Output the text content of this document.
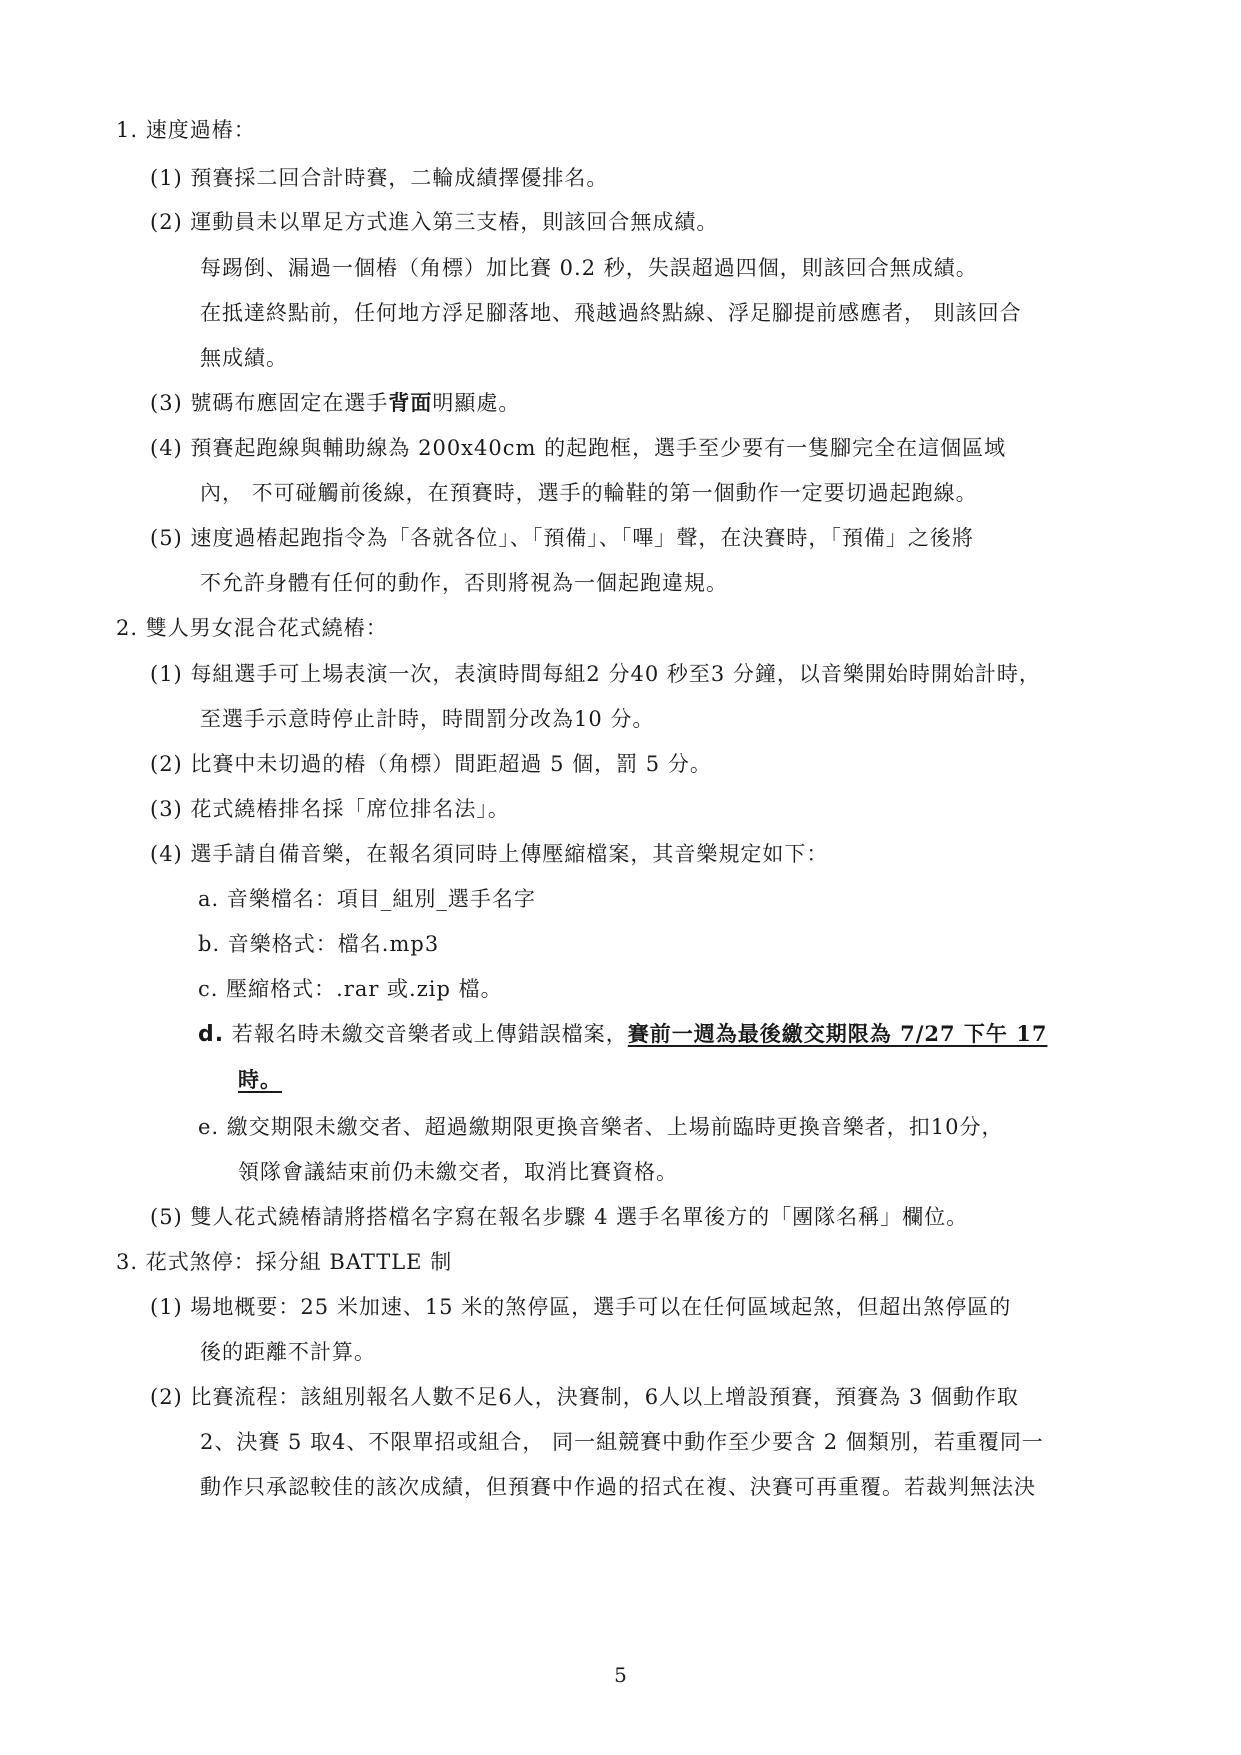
1. 速度過樁：
(1) 預賽採二回合計時賽，二輪成績擇優排名。
(2) 運動員未以單足方式進入第三支樁，則該回合無成績。
每踢倒、漏過一個樁（角標）加比賽 0.2 秒，失誤超過四個，則該回合無成績。
在抵達終點前，任何地方浮足腳落地、飛越過終點線、浮足腳提前感應者， 則該回合
無成績。
(3) 號碼布應固定在選手背面明顯處。
(4) 預賽起跑線與輔助線為 200x40cm 的起跑框，選手至少要有一隻腳完全在這個區域
內， 不可碰觸前後線，在預賽時，選手的輪鞋的第一個動作一定要切過起跑線。
(5) 速度過樁起跑指令為「各就各位」、「預備」、「嗶」聲，在決賽時，「預備」之後將
不允許身體有任何的動作，否則將視為一個起跑違規。
2. 雙人男女混合花式繞樁：
(1) 每組選手可上場表演一次，表演時間每組2 分40 秒至3 分鐘，以音樂開始時開始計時，
至選手示意時停止計時，時間罰分改為10 分。
(2) 比賽中未切過的樁（角標）間距超過 5 個，罰 5 分。
(3) 花式繞樁排名採「席位排名法」。
(4) 選手請自備音樂，在報名須同時上傳壓縮檔案，其音樂規定如下：
a. 音樂檔名：項目_組別_選手名字
b. 音樂格式：檔名.mp3
c. 壓縮格式：.rar 或.zip 檔。
d. 若報名時未繳交音樂者或上傳錯誤檔案，賽前一週為最後繳交期限為 7/27 下午 17
時。
e. 繳交期限未繳交者、超過繳期限更換音樂者、上場前臨時更換音樂者，扣10分，
領隊會議結束前仍未繳交者，取消比賽資格。
(5) 雙人花式繞樁請將搭檔名字寫在報名步驟 4 選手名單後方的「團隊名稱」欄位。
3. 花式煞停：採分組 BATTLE 制
(1) 場地概要：25 米加速、15 米的煞停區，選手可以在任何區域起煞，但超出煞停區的
後的距離不計算。
(2) 比賽流程：該組別報名人數不足6人，決賽制，6人以上增設預賽，預賽為 3 個動作取
2、決賽 5 取4、不限單招或組合， 同一組競賽中動作至少要含 2 個類別，若重覆同一
動作只承認較佳的該次成績，但預賽中作過的招式在複、決賽可再重覆。若裁判無法決
5
